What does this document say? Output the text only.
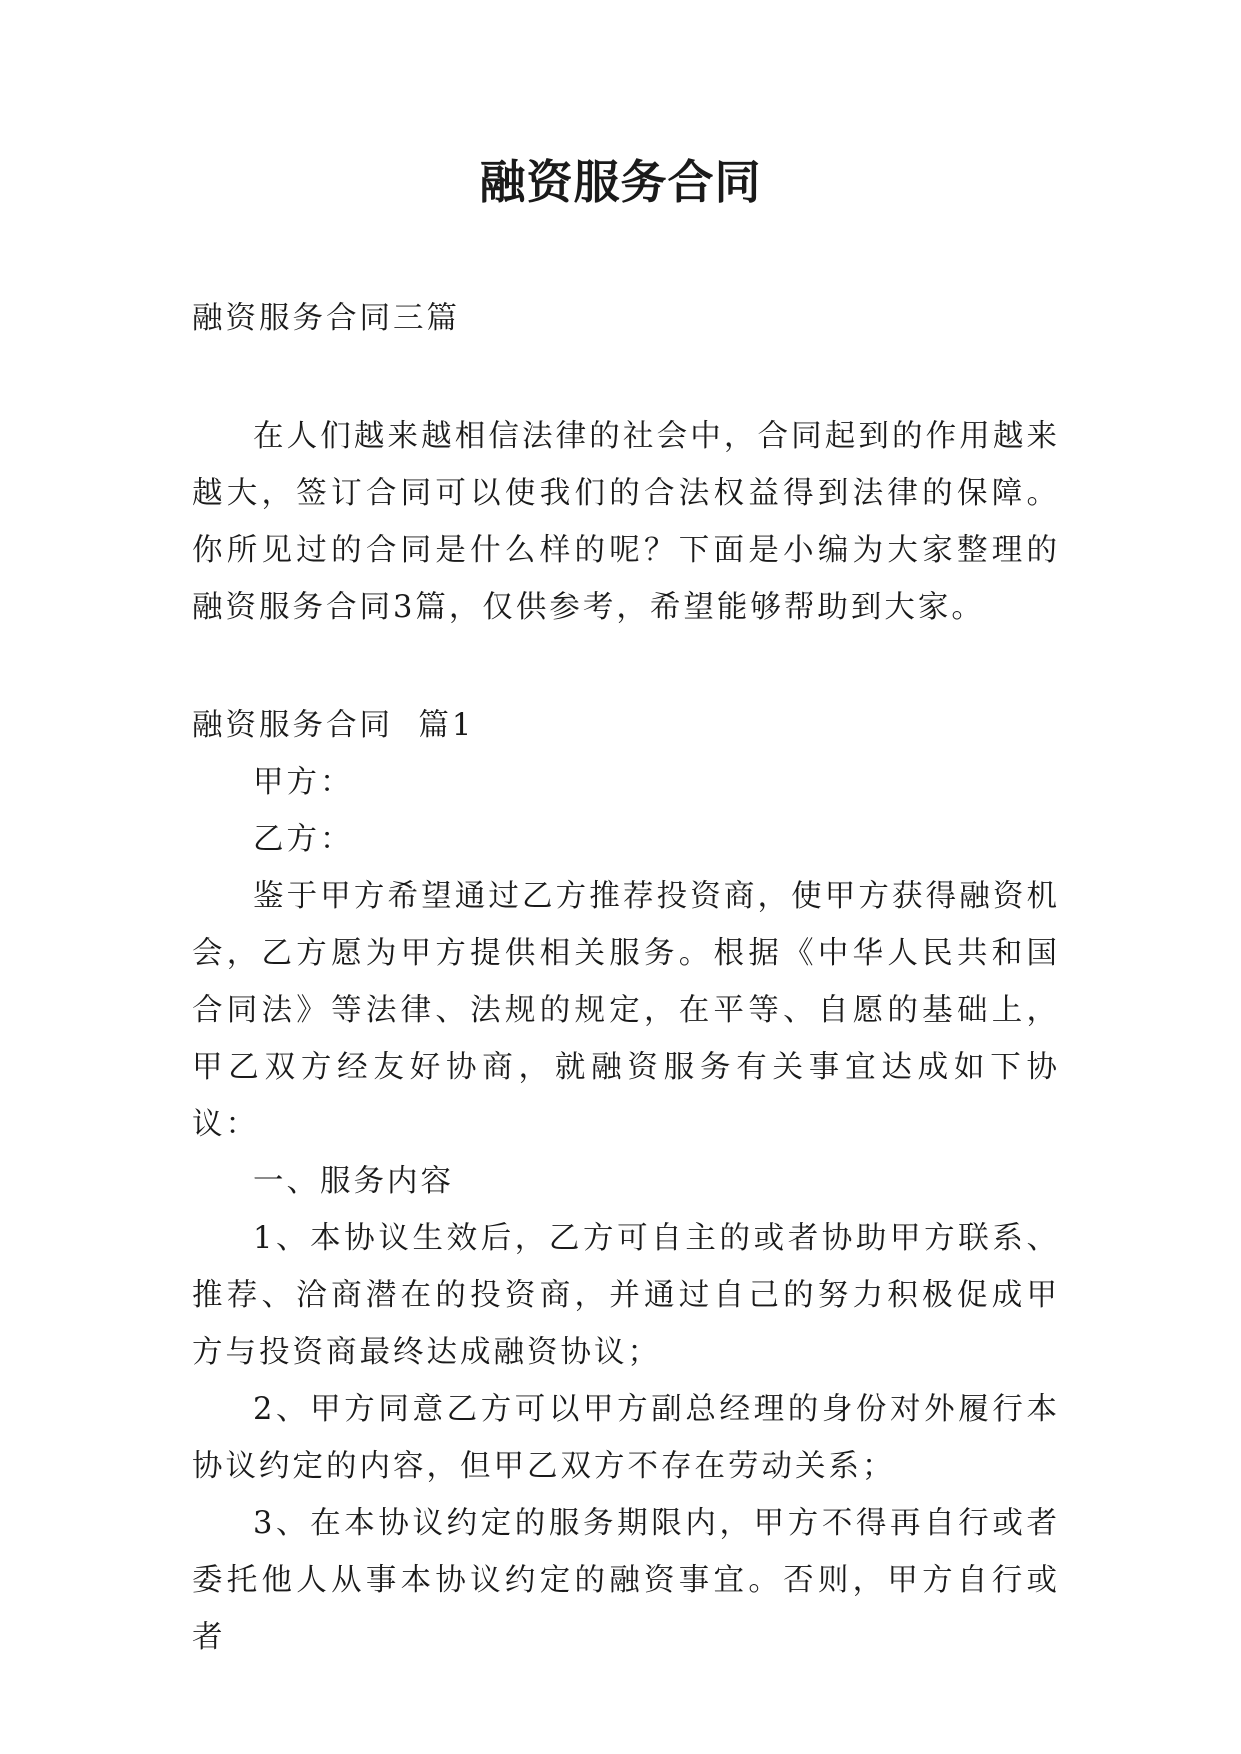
融资服务合同

融资服务合同三篇

在人们越来越相信法律的社会中，合同起到的作用越来越大，签订合同可以使我们的合法权益得到法律的保障。你所见过的合同是什么样的呢？下面是小编为大家整理的融资服务合同3篇，仅供参考，希望能够帮助到大家。

融资服务合同  篇1

甲方：

乙方：

鉴于甲方希望通过乙方推荐投资商，使甲方获得融资机会，乙方愿为甲方提供相关服务。根据《中华人民共和国合同法》等法律、法规的规定，在平等、自愿的基础上，甲乙双方经友好协商，就融资服务有关事宜达成如下协议：

一、服务内容

1、本协议生效后，乙方可自主的或者协助甲方联系、推荐、洽商潜在的投资商，并通过自己的努力积极促成甲方与投资商最终达成融资协议；

2、甲方同意乙方可以甲方副总经理的身份对外履行本协议约定的内容，但甲乙双方不存在劳动关系；

3、在本协议约定的服务期限内，甲方不得再自行或者委托他人从事本协议约定的融资事宜。否则，甲方自行或者
